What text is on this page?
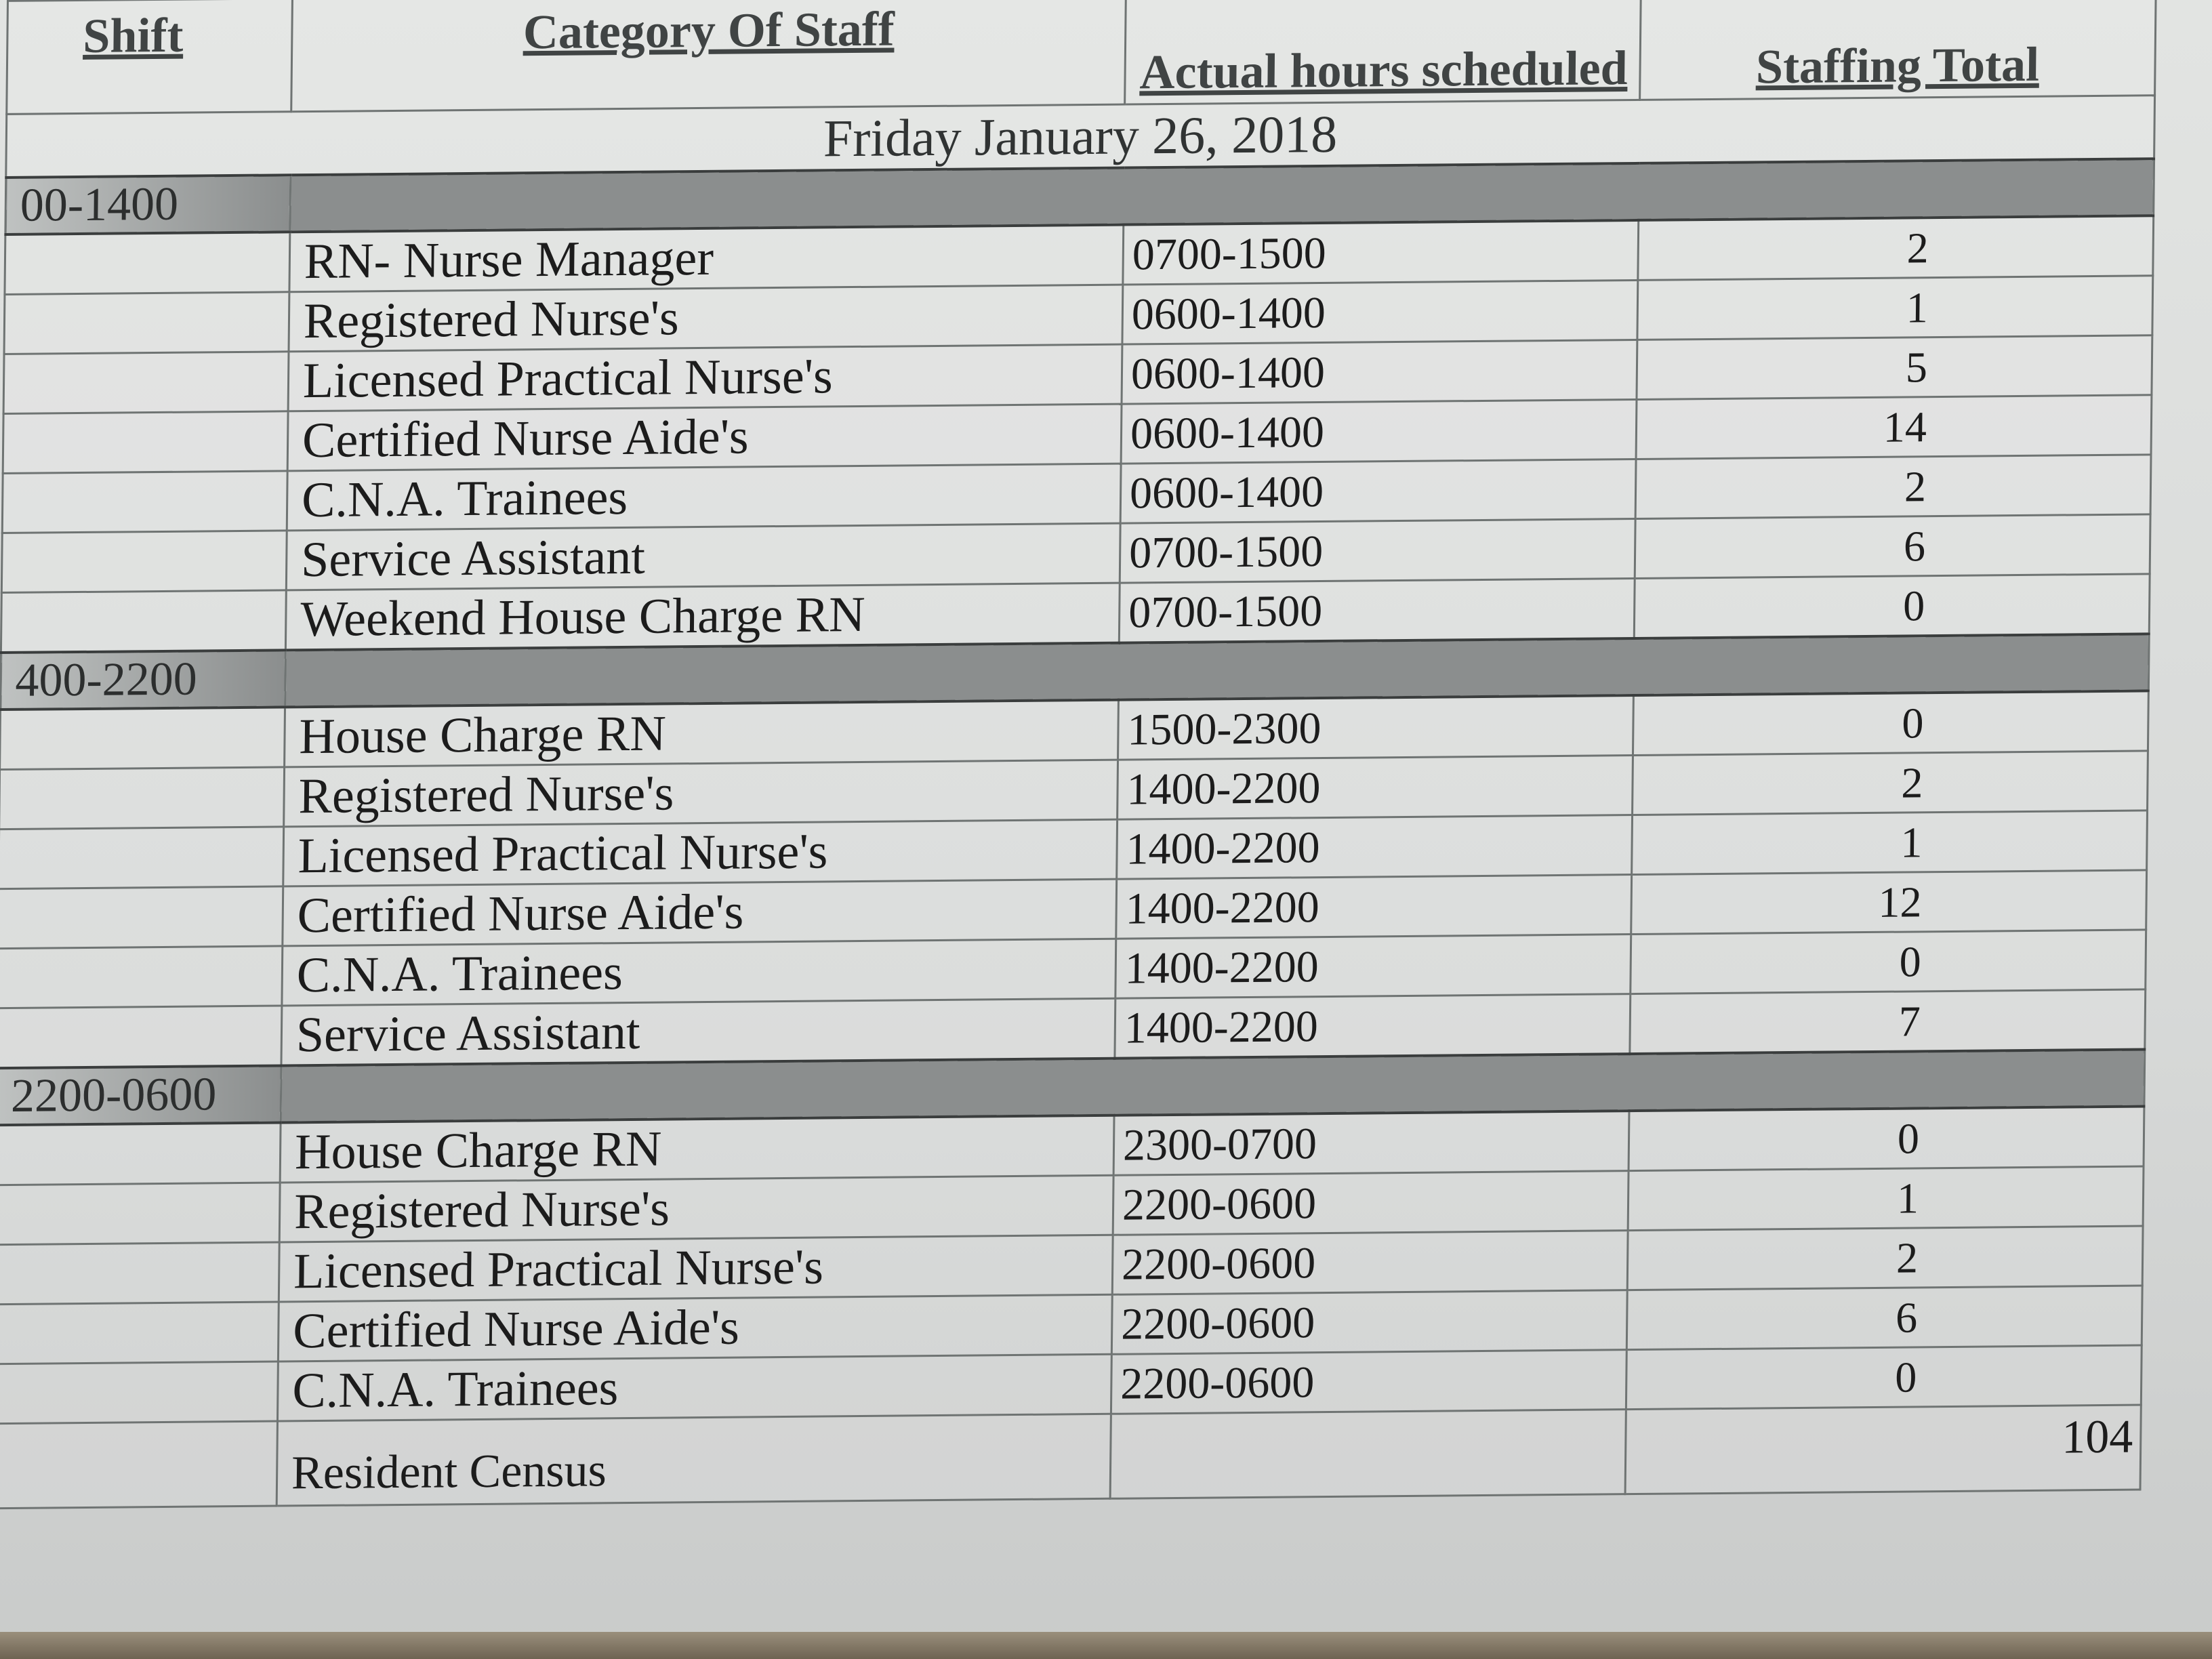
Shift	Category Of Staff	Actual hours scheduled	Staffing Total
Friday January 26, 2018			
00-1400			
	RN- Nurse Manager	0700-1500	2
	Registered Nurse's	0600-1400	1
	Licensed Practical Nurse's	0600-1400	5
	Certified Nurse Aide's	0600-1400	14
	C.N.A. Trainees	0600-1400	2
	Service Assistant	0700-1500	6
	Weekend House Charge RN	0700-1500	0
400-2200			
	House Charge RN	1500-2300	0
	Registered Nurse's	1400-2200	2
	Licensed Practical Nurse's	1400-2200	1
	Certified Nurse Aide's	1400-2200	12
	C.N.A. Trainees	1400-2200	0
	Service Assistant	1400-2200	7
2200-0600			
	House Charge RN	2300-0700	0
	Registered Nurse's	2200-0600	1
	Licensed Practical Nurse's	2200-0600	2
	Certified Nurse Aide's	2200-0600	6
	C.N.A. Trainees	2200-0600	0
	Resident Census		104
